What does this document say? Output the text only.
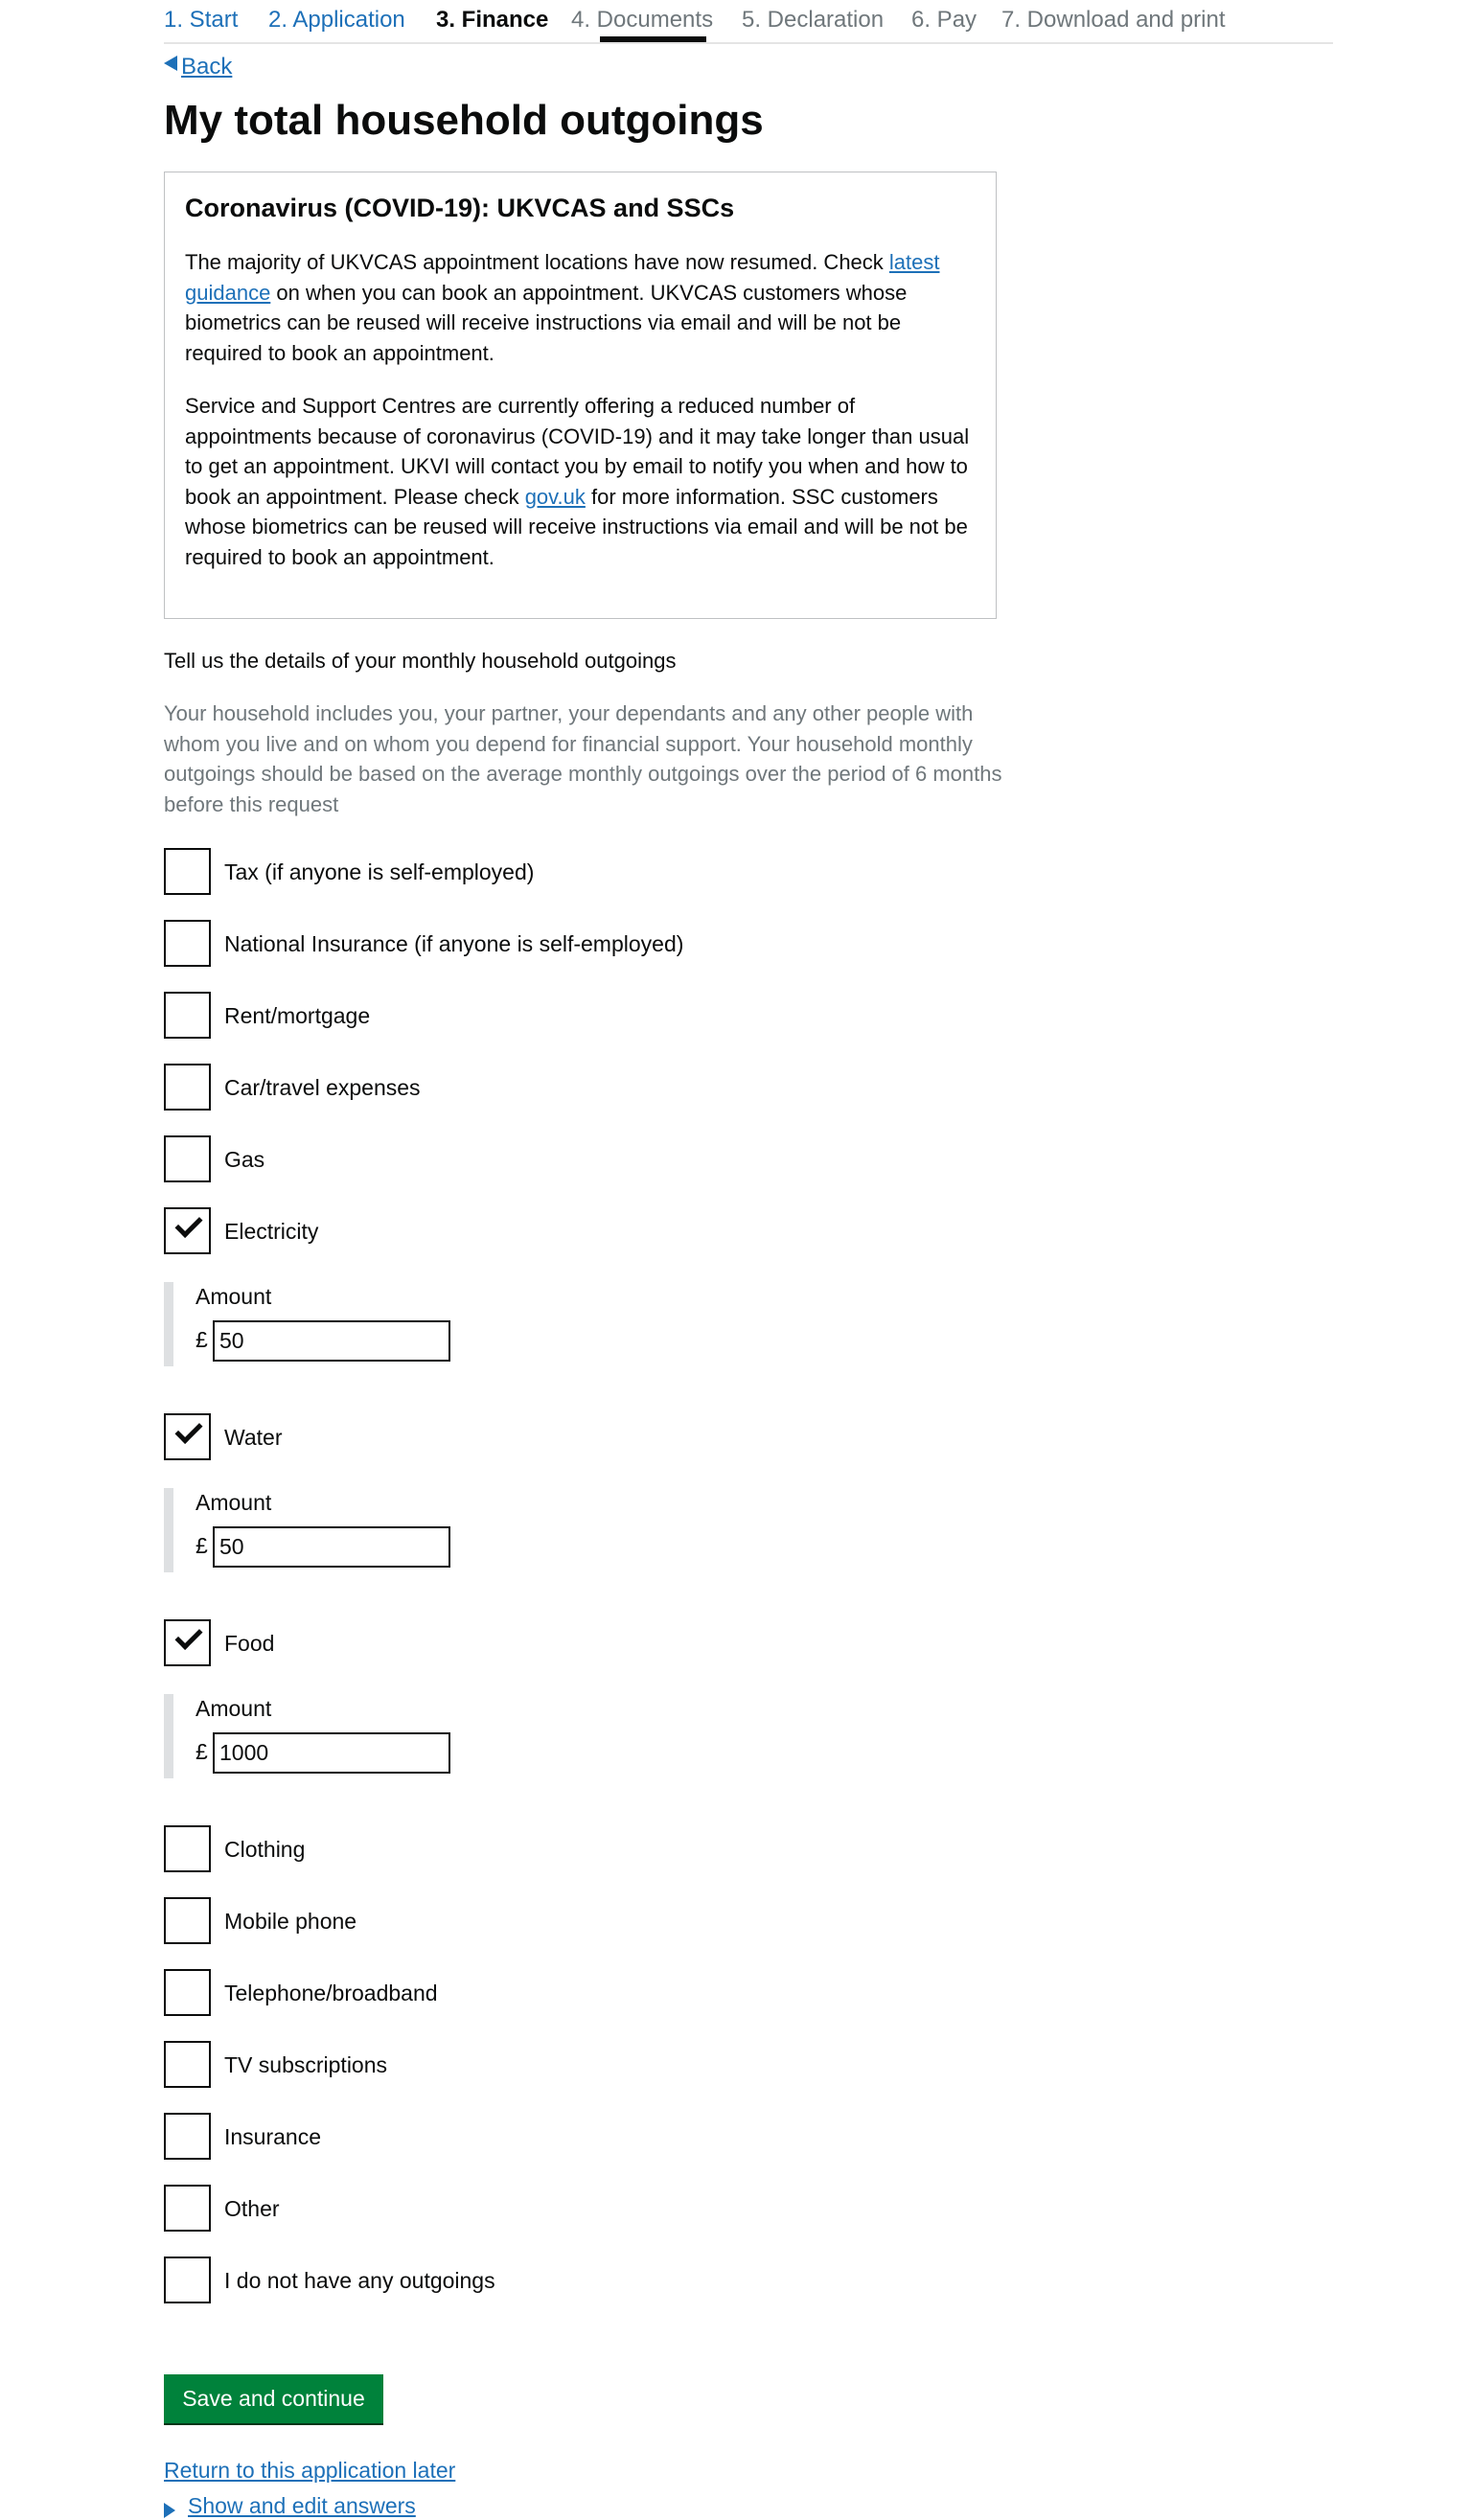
1. Start 2. Application 3. Finance 4. Documents 5. Declaration 6. Pay 7. Download and print
Back
My total household outgoings
Coronavirus (COVID-19): UKVCAS and SSCs

The majority of UKVCAS appointment locations have now resumed. Check latest guidance on when you can book an appointment. UKVCAS customers whose biometrics can be reused will receive instructions via email and will be not be required to book an appointment.

Service and Support Centres are currently offering a reduced number of appointments because of coronavirus (COVID-19) and it may take longer than usual to get an appointment. UKVI will contact you by email to notify you when and how to book an appointment. Please check gov.uk for more information. SSC customers whose biometrics can be reused will receive instructions via email and will be not be required to book an appointment.

Tell us the details of your monthly household outgoings

Your household includes you, your partner, your dependants and any other people with whom you live and on whom you depend for financial support. Your household monthly outgoings should be based on the average monthly outgoings over the period of 6 months before this request

Tax (if anyone is self-employed)
National Insurance (if anyone is self-employed)
Rent/mortgage
Car/travel expenses
Gas
Electricity
Amount
£
50
Water
Amount
£
50
Food
Amount
£
1000
Clothing
Mobile phone
Telephone/broadband
TV subscriptions
Insurance
Other
I do not have any outgoings
Save and continue
Return to this application later
Show and edit answers
